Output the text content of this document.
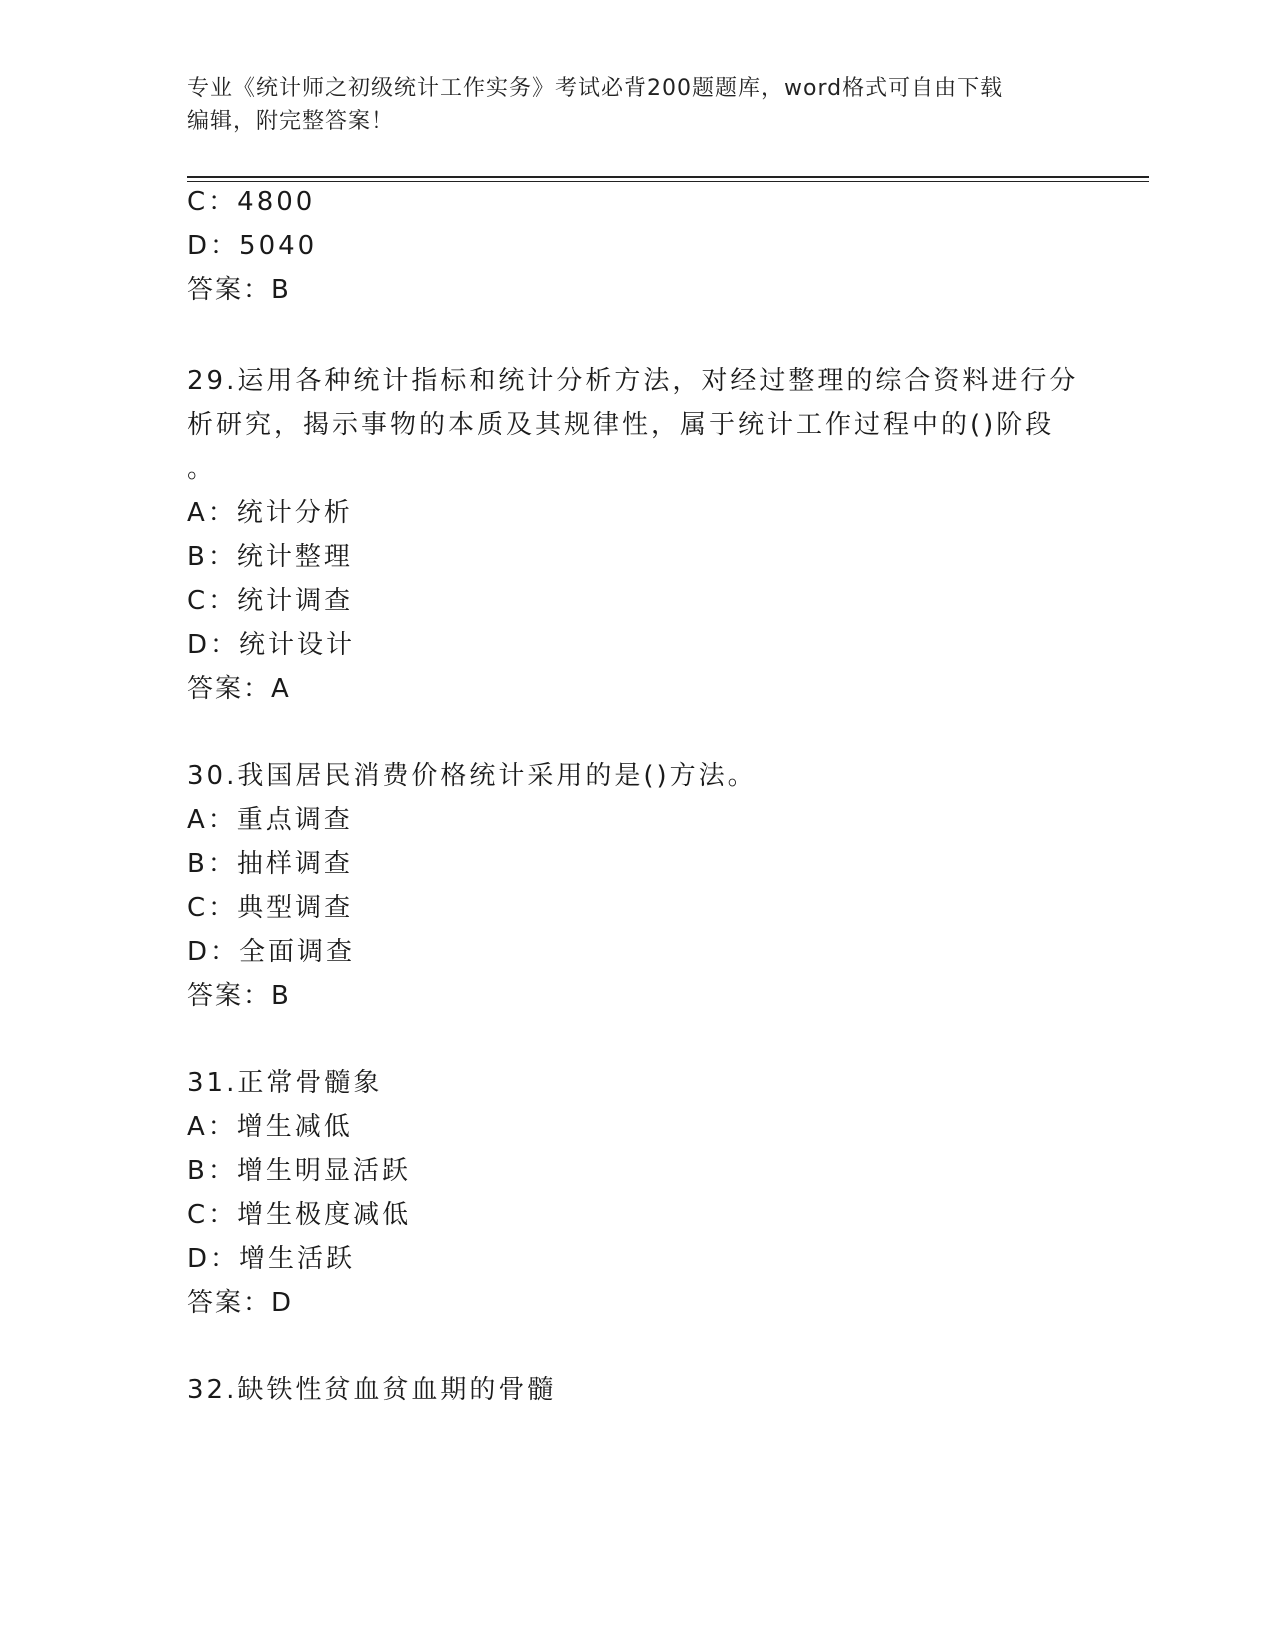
专业《统计师之初级统计工作实务》考试必背200题题库，word格式可自由下载
编辑，附完整答案！
C：4800
D：5040
答案：B
29.运用各种统计指标和统计分析方法，对经过整理的综合资料进行分
析研究，揭示事物的本质及其规律性，属于统计工作过程中的()阶段
。
A：统计分析
B：统计整理
C：统计调查
D：统计设计
答案：A
30.我国居民消费价格统计采用的是()方法。
A：重点调查
B：抽样调查
C：典型调查
D：全面调查
答案：B
31.正常骨髓象
A：增生减低
B：增生明显活跃
C：增生极度减低
D：增生活跃
答案：D
32.缺铁性贫血贫血期的骨髓
